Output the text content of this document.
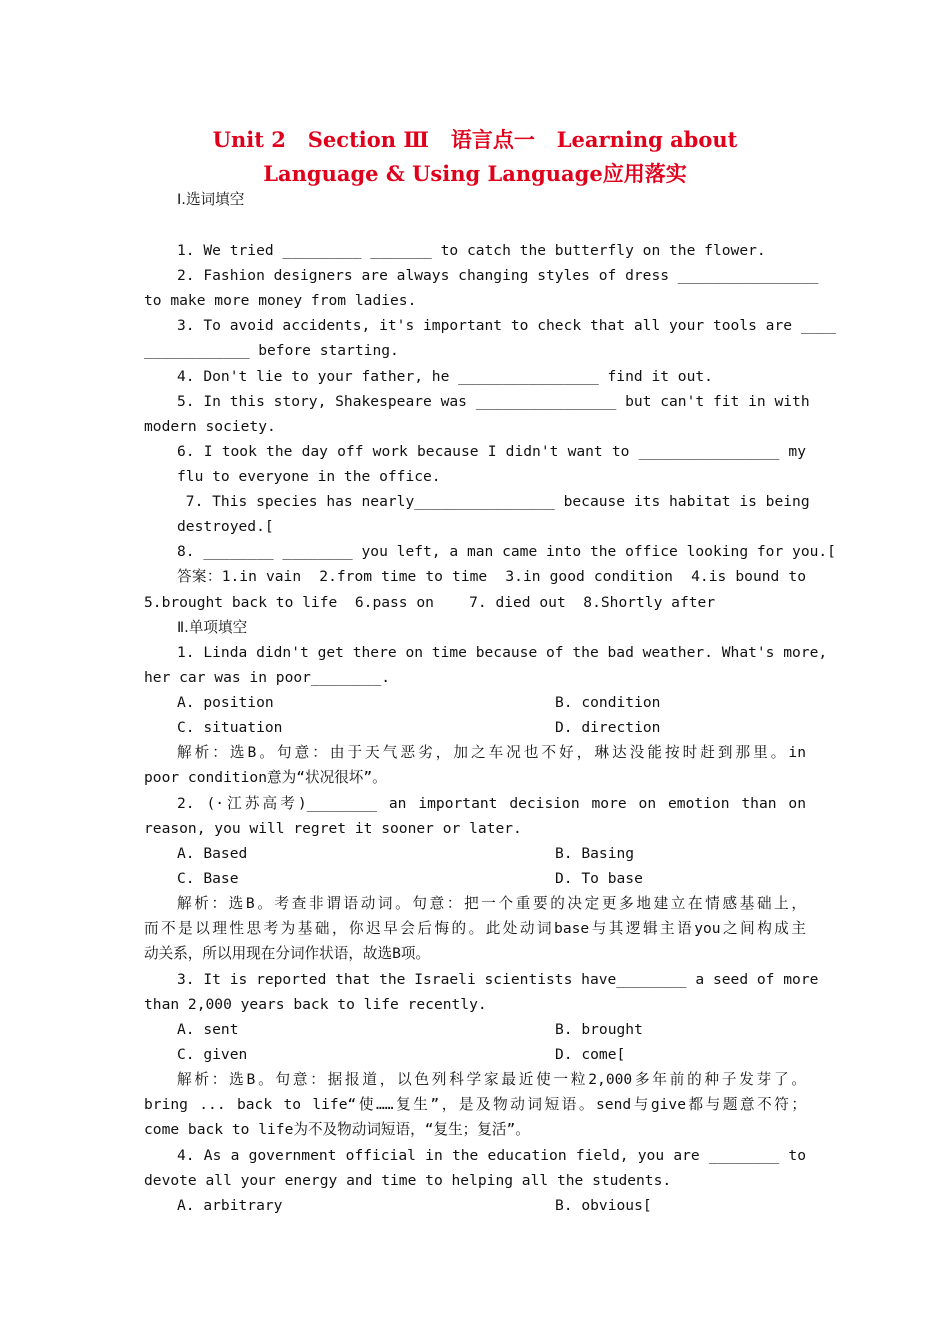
Unit 2   Section Ⅲ   语言点一   Learning about
Language & Using Language应用落实
Ⅰ.选词填空
1. We tried _________ _______ to catch the butterfly on the flower.
2. Fashion designers are always changing styles of dress ________________
to make more money from ladies.
3. To avoid accidents, it's important to check that all your tools are ____
____________ before starting.
4. Don't lie to your father, he ________________ find it out.
5. In this story, Shakespeare was ________________ but can't fit in with
modern society.
6. I took the day off work because I didn't want to ________________ my
flu to everyone in the office.
7. This species has nearly________________ because its habitat is being
destroyed.[
8. ________ ________ you left, a man came into the office looking for you.[
答案：1.in vain  2.from time to time  3.in good condition  4.is bound to
5.brought back to life  6.pass on    7. died out  8.Shortly after
Ⅱ.单项填空
1. Linda didn't get there on time because of the bad weather. What's more,
her car was in poor________.
A. position	B. condition
C. situation	D. direction
解析：选B。句意：由于天气恶劣，加之车况也不好，琳达没能按时赶到那里。in
poor condition意为“状况很坏”。
2. (·江苏高考)________ an important decision more on emotion than on
reason, you will regret it sooner or later.
A. Based	B. Basing
C. Base	D. To base
解析：选B。考查非谓语动词。句意：把一个重要的决定更多地建立在情感基础上，
而不是以理性思考为基础，你迟早会后悔的。此处动词base与其逻辑主语you之间构成主
动关系，所以用现在分词作状语，故选B项。
3. It is reported that the Israeli scientists have________ a seed of more
than 2,000 years back to life recently.
A. sent	B. brought
C. given	D. come[
解析：选B。句意：据报道，以色列科学家最近使一粒2,000多年前的种子发芽了。
bring ... back to life“使……复生”，是及物动词短语。send与give都与题意不符；
come back to life为不及物动词短语，“复生；复活”。
4. As a government official in the education field, you are ________ to
devote all your energy and time to helping all the students.
A. arbitrary	B. obvious[
